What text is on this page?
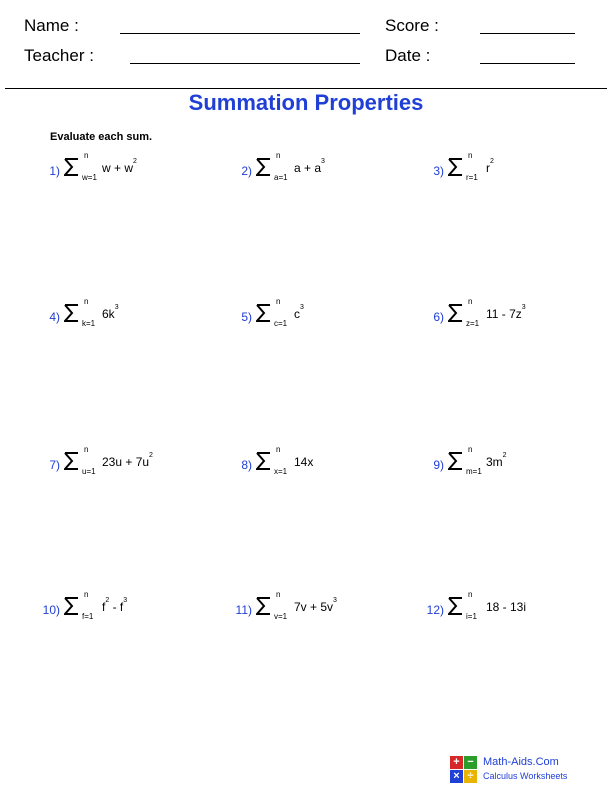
Name :	Score :
Teacher :	Date :
Summation Properties
Evaluate each sum.
1)
n
w=1
$w + w^2$
2)
n
a=1
$a + a^3$
3)
n
r=1
$r^2$
4)
n
k=1
$6k^3$
5)
n
c=1
$c^3$
6)
n
z=1
$11 - 7z^3$
7)
n
u=1
$23u + 7u^2$
8)
n
x=1
14x	9)
n
m=1
$3m^2$
10)
n
f=1
$f^2 - f^3$
11)
n
v=1
$7v + 5v^3$
12)
n
i=1
18 - 13i
+ −
× ÷
Math-Aids.Com
Calculus Worksheets
